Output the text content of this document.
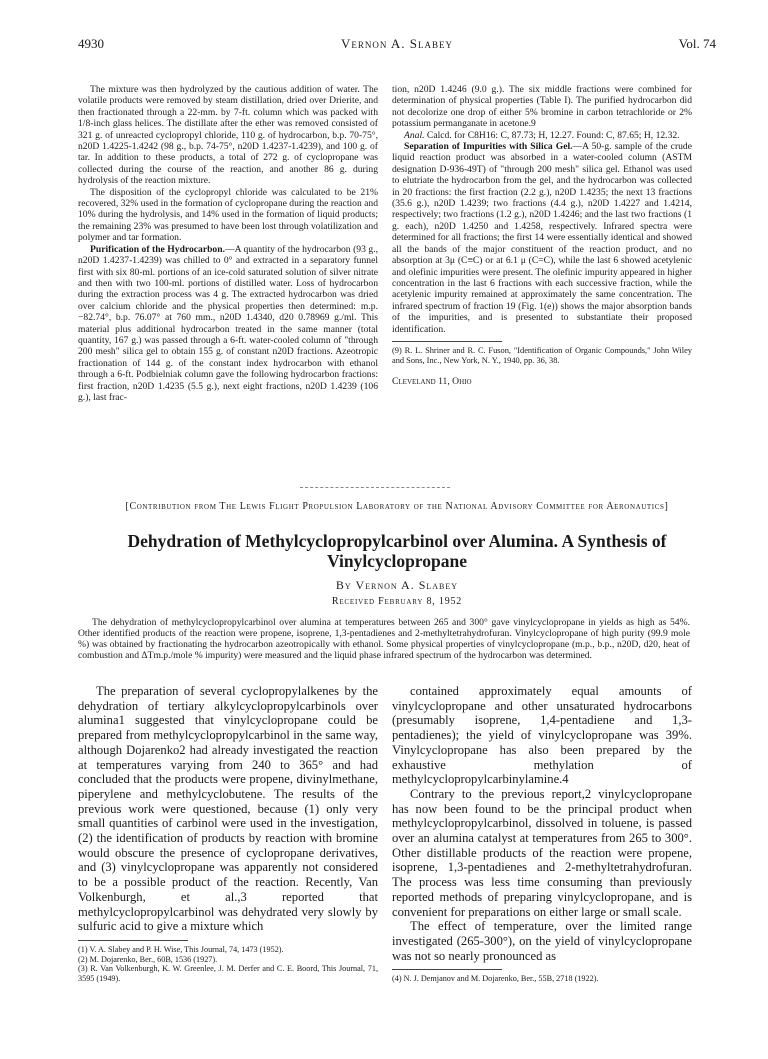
4930	Vernon A. Slabey	Vol. 74

The mixture was then hydrolyzed by the cautious addition of water. The volatile products were removed by steam distillation, dried over Drierite, and then fractionated through a 22-mm. by 7-ft. column which was packed with 1/8-inch glass helices. The distillate after the ether was removed consisted of 321 g. of unreacted cyclopropyl chloride, 110 g. of hydrocarbon, b.p. 70-75°, n20D 1.4225-1.4242 (98 g., b.p. 74-75°, n20D 1.4237-1.4239), and 100 g. of tar. In addition to these products, a total of 272 g. of cyclopropane was collected during the course of the reaction, and another 86 g. during hydrolysis of the reaction mixture.

The disposition of the cyclopropyl chloride was calculated to be 21% recovered, 32% used in the formation of cyclopropane during the reaction and 10% during the hydrolysis, and 14% used in the formation of liquid products; the remaining 23% was presumed to have been lost through volatilization and polymer and tar formation.

Purification of the Hydrocarbon.—A quantity of the hydrocarbon (93 g., n20D 1.4237-1.4239) was chilled to 0° and extracted in a separatory funnel first with six 80-ml. portions of an ice-cold saturated solution of silver nitrate and then with two 100-ml. portions of distilled water. Loss of hydrocarbon during the extraction process was 4 g. The extracted hydrocarbon was dried over calcium chloride and the physical properties then determined: m.p. −82.74°, b.p. 76.07° at 760 mm., n20D 1.4340, d20 0.78969 g./ml. This material plus additional hydrocarbon treated in the same manner (total quantity, 167 g.) was passed through a 6-ft. water-cooled column of "through 200 mesh" silica gel to obtain 155 g. of constant n20D fractions. Azeotropic fractionation of 144 g. of the constant index hydrocarbon with ethanol through a 6-ft. Podbielniak column gave the following hydrocarbon fractions: first fraction, n20D 1.4235 (5.5 g.), next eight fractions, n20D 1.4239 (106 g.), last frac-

tion, n20D 1.4246 (9.0 g.). The six middle fractions were combined for determination of physical properties (Table I). The purified hydrocarbon did not decolorize one drop of either 5% bromine in carbon tetrachloride or 2% potassium permanganate in acetone.9

Anal. Calcd. for C8H16: C, 87.73; H, 12.27. Found: C, 87.65; H, 12.32.

Separation of Impurities with Silica Gel.—A 50-g. sample of the crude liquid reaction product was absorbed in a water-cooled column (ASTM designation D-936-49T) of "through 200 mesh" silica gel. Ethanol was used to elutriate the hydrocarbon from the gel, and the hydrocarbon was collected in 20 fractions: the first fraction (2.2 g.), n20D 1.4235; the next 13 fractions (35.6 g.), n20D 1.4239; two fractions (4.4 g.), n20D 1.4227 and 1.4214, respectively; two fractions (1.2 g.), n20D 1.4246; and the last two fractions (1 g. each), n20D 1.4250 and 1.4258, respectively. Infrared spectra were determined for all fractions; the first 14 were essentially identical and showed all the bands of the major constituent of the reaction product, and no absorption at 3μ (C≡C) or at 6.1 μ (C=C), while the last 6 showed acetylenic and olefinic impurities were present. The olefinic impurity appeared in higher concentration in the last 6 fractions with each successive fraction, while the acetylenic impurity remained at approximately the same concentration. The infrared spectrum of fraction 19 (Fig. 1(e)) shows the major absorption bands of the impurities, and is presented to substantiate their proposed identification.

(9) R. L. Shriner and R. C. Fuson, "Identification of Organic Compounds," John Wiley and Sons, Inc., New York, N. Y., 1940, pp. 36, 38.

Cleveland 11, Ohio

[Contribution from The Lewis Flight Propulsion Laboratory of the National Advisory Committee for Aeronautics]
Dehydration of Methylcyclopropylcarbinol over Alumina. A Synthesis of Vinylcyclopropane
By Vernon A. Slabey
Received February 8, 1952

The dehydration of methylcyclopropylcarbinol over alumina at temperatures between 265 and 300° gave vinylcyclopropane in yields as high as 54%. Other identified products of the reaction were propene, isoprene, 1,3-pentadienes and 2-methyltetrahydrofuran. Vinylcyclopropane of high purity (99.9 mole %) was obtained by fractionating the hydrocarbon azeotropically with ethanol. Some physical properties of vinylcyclopropane (m.p., b.p., n20D, d20, heat of combustion and ΔTm.p./mole % impurity) were measured and the liquid phase infrared spectrum of the hydrocarbon was determined.

The preparation of several cyclopropylalkenes by the dehydration of tertiary alkylcyclopropylcarbinols over alumina1 suggested that vinylcyclopropane could be prepared from methylcyclopropylcarbinol in the same way, although Dojarenko2 had already investigated the reaction at temperatures varying from 240 to 365° and had concluded that the products were propene, divinylmethane, piperylene and methylcyclobutene. The results of the previous work were questioned, because (1) only very small quantities of carbinol were used in the investigation, (2) the identification of products by reaction with bromine would obscure the presence of cyclopropane derivatives, and (3) vinylcyclopropane was apparently not considered to be a possible product of the reaction. Recently, Van Volkenburgh, et al.,3 reported that methylcyclopropylcarbinol was dehydrated very slowly by sulfuric acid to give a mixture which

(1) V. A. Slabey and P. H. Wise, This Journal, 74, 1473 (1952).
(2) M. Dojarenko, Ber., 60B, 1536 (1927).
(3) R. Van Volkenburgh, K. W. Greenlee, J. M. Derfer and C. E. Boord, This Journal, 71, 3595 (1949).

contained approximately equal amounts of vinylcyclopropane and other unsaturated hydrocarbons (presumably isoprene, 1,4-pentadiene and 1,3-pentadienes); the yield of vinylcyclopropane was 39%. Vinylcyclopropane has also been prepared by the exhaustive methylation of methylcyclopropylcarbinylamine.4

Contrary to the previous report,2 vinylcyclopropane has now been found to be the principal product when methylcyclopropylcarbinol, dissolved in toluene, is passed over an alumina catalyst at temperatures from 265 to 300°. Other distillable products of the reaction were propene, isoprene, 1,3-pentadienes and 2-methyltetrahydrofuran. The process was less time consuming than previously reported methods of preparing vinylcyclopropane, and is convenient for preparations on either large or small scale.

The effect of temperature, over the limited range investigated (265-300°), on the yield of vinylcyclopropane was not so nearly pronounced as

(4) N. J. Demjanov and M. Dojarenko, Ber., 55B, 2718 (1922).
